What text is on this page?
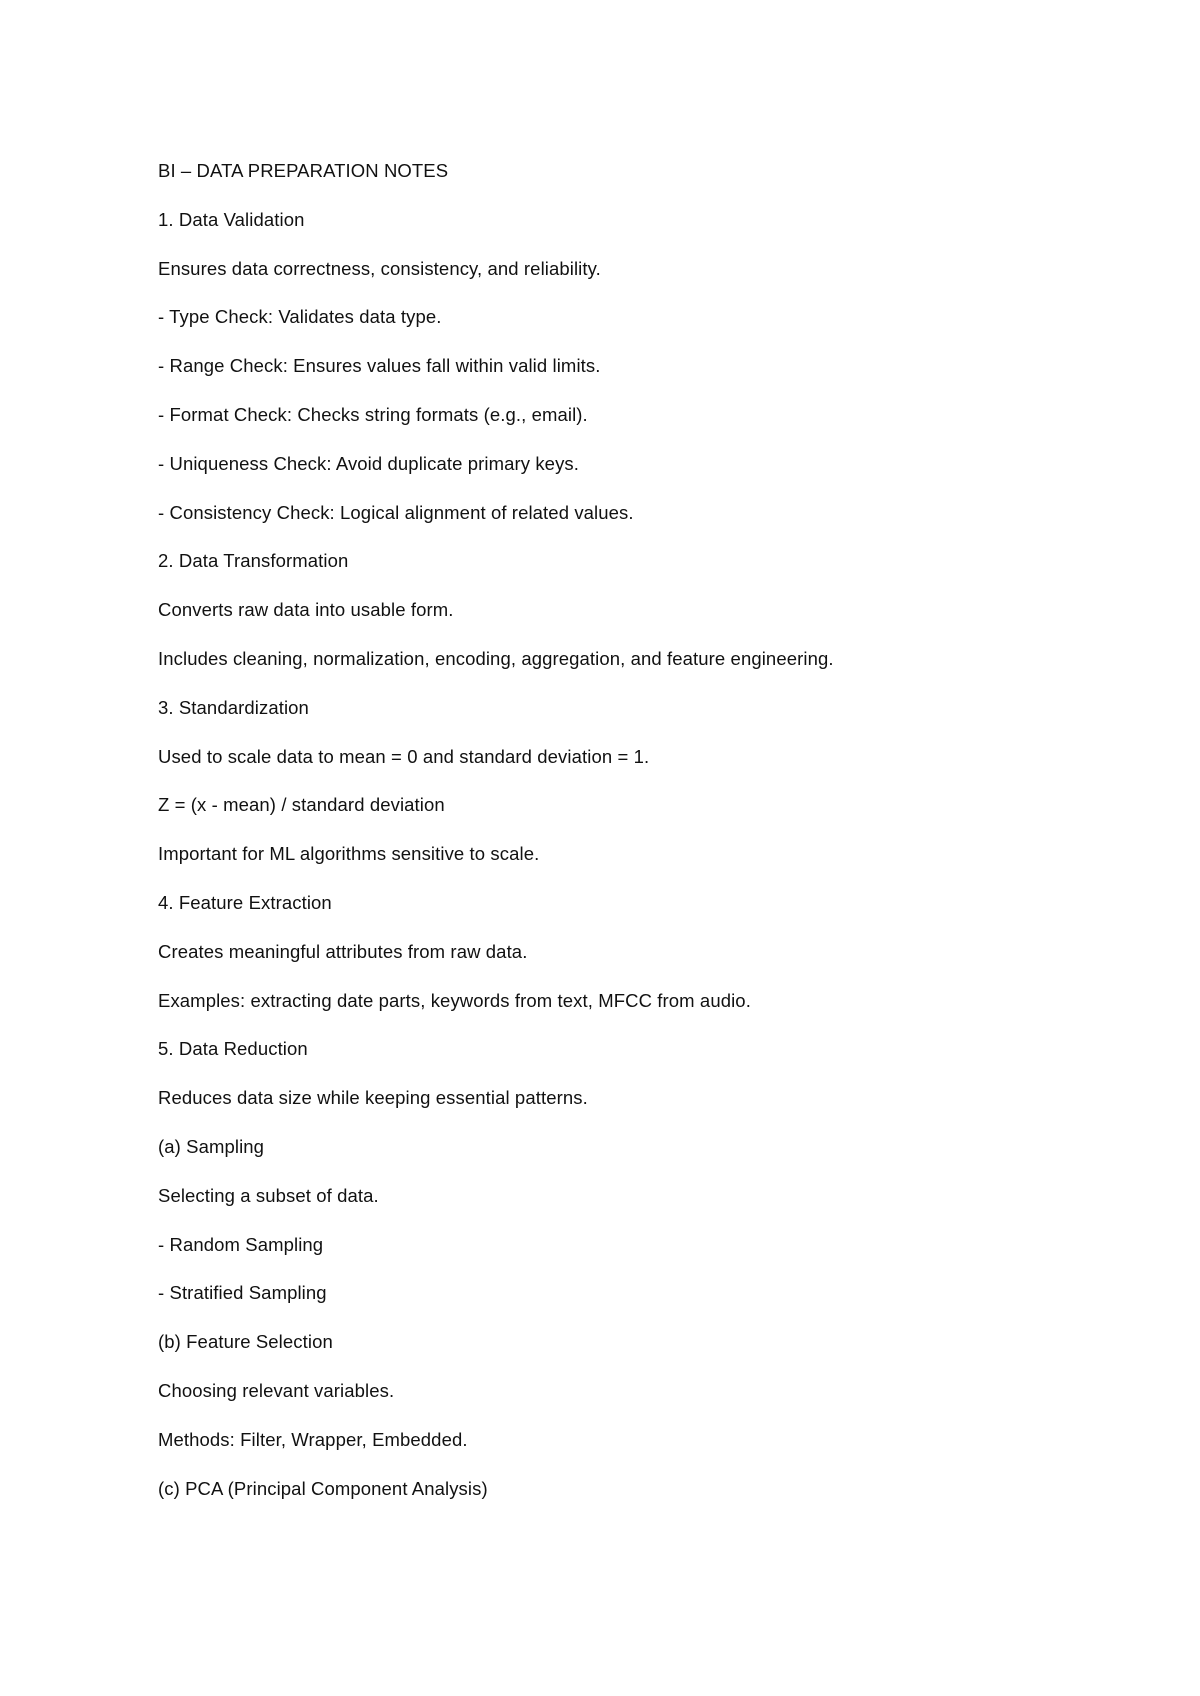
BI – DATA PREPARATION NOTES
1. Data Validation
Ensures data correctness, consistency, and reliability.
- Type Check: Validates data type.
- Range Check: Ensures values fall within valid limits.
- Format Check: Checks string formats (e.g., email).
- Uniqueness Check: Avoid duplicate primary keys.
- Consistency Check: Logical alignment of related values.
2. Data Transformation
Converts raw data into usable form.
Includes cleaning, normalization, encoding, aggregation, and feature engineering.
3. Standardization
Used to scale data to mean = 0 and standard deviation = 1.
Z = (x - mean) / standard deviation
Important for ML algorithms sensitive to scale.
4. Feature Extraction
Creates meaningful attributes from raw data.
Examples: extracting date parts, keywords from text, MFCC from audio.
5. Data Reduction
Reduces data size while keeping essential patterns.
(a) Sampling
Selecting a subset of data.
- Random Sampling
- Stratified Sampling
(b) Feature Selection
Choosing relevant variables.
Methods: Filter, Wrapper, Embedded.
(c) PCA (Principal Component Analysis)
